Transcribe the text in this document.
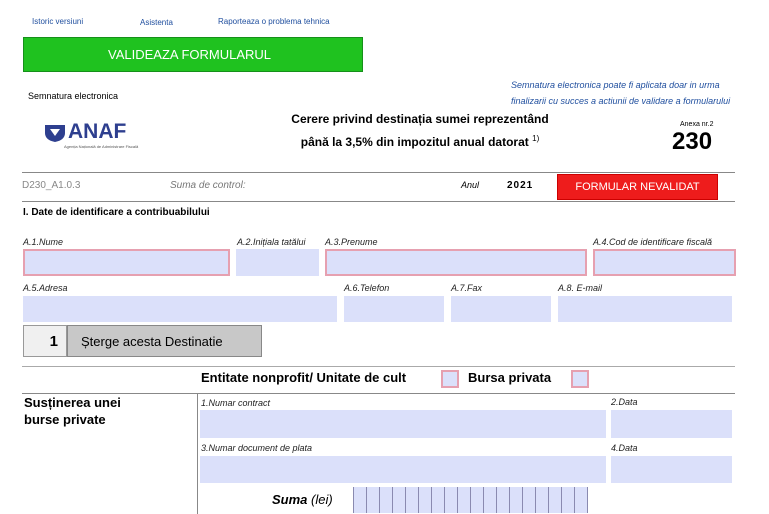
Istoric versiuni	Asistenta	Raporteaza o problema tehnica
VALIDEAZA FORMULARUL
Semnatura electronica
Semnatura electronica poate fi aplicata doar in urma
finalizarii cu succes a actiunii de validare a formularului
ANAF
Agenția Națională de Administrare Fiscală
Cerere privind destinația sumei reprezentând
până la 3,5% din impozitul anual datorat $^{1)}$
Anexa nr.2
230
D230_A1.0.3	Suma de control:	Anul	2021	FORMULAR NEVALIDAT
I. Date de identificare a contribuabilului
A.1.Nume	A.2.Inițiala tatălui A.3.Prenume	A.4.Cod de identificare fiscală
A.5.Adresa	A.6.Telefon	A.7.Fax	A.8. E-mail
1	Șterge acesta Destinatie
Entitate nonprofit/ Unitate de cult	Bursa privata
Susținerea unei
burse private
1.Numar contract	2.Data
3.Numar document de plata	4.Data
Suma (lei)
